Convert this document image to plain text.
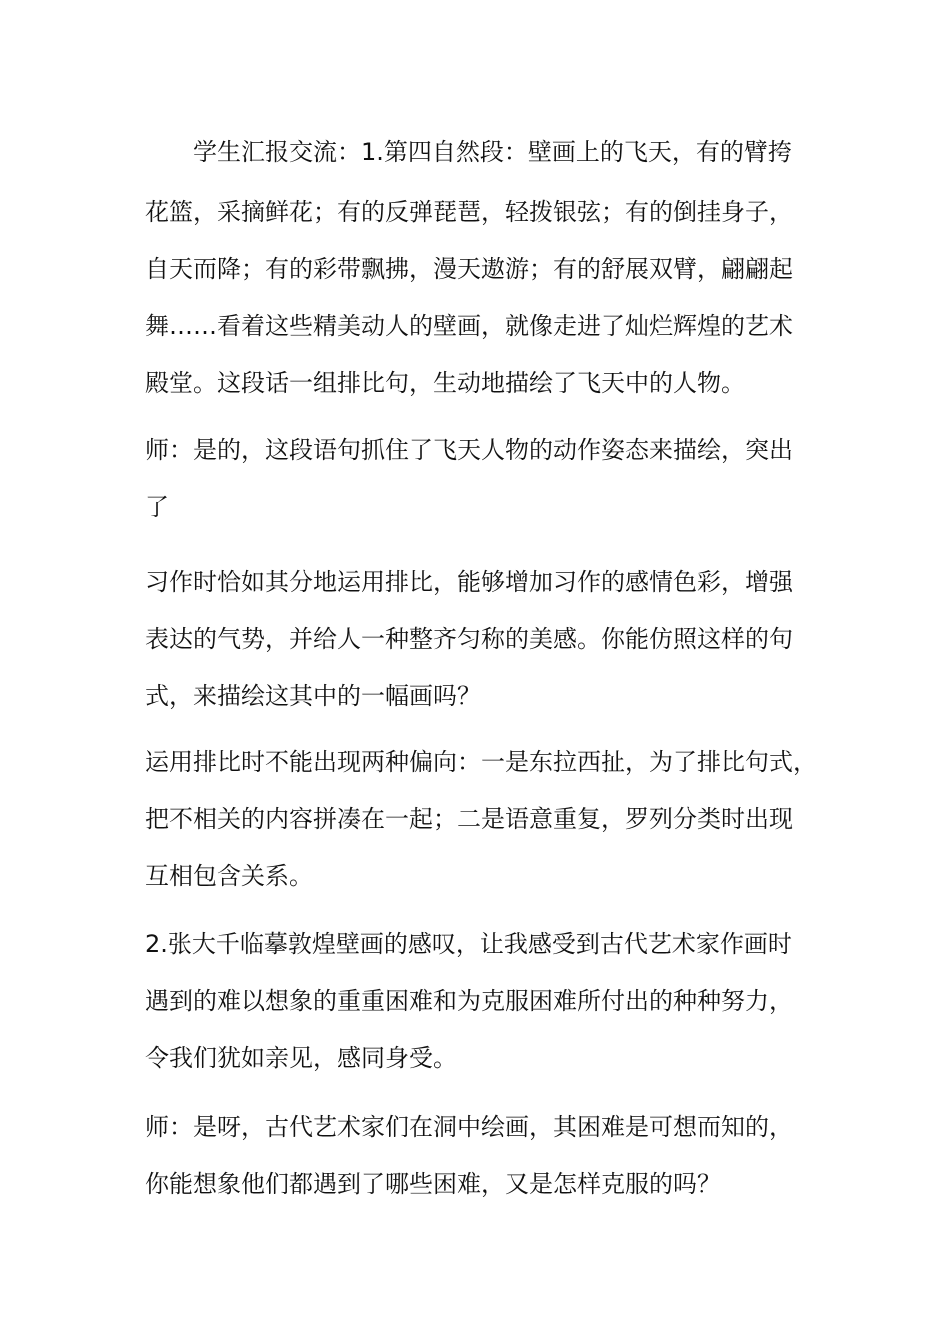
学生汇报交流：1.第四自然段：壁画上的飞天，有的臂挎
花篮，采摘鲜花；有的反弹琵琶，轻拨银弦；有的倒挂身子，
自天而降；有的彩带飘拂，漫天遨游；有的舒展双臂，翩翩起
舞……看着这些精美动人的壁画，就像走进了灿烂辉煌的艺术
殿堂。这段话一组排比句，生动地描绘了飞天中的人物。
师：是的，这段语句抓住了飞天人物的动作姿态来描绘，突出
了
习作时恰如其分地运用排比，能够增加习作的感情色彩，增强
表达的气势，并给人一种整齐匀称的美感。你能仿照这样的句
式，来描绘这其中的一幅画吗？
运用排比时不能出现两种偏向：一是东拉西扯，为了排比句式，
把不相关的内容拼凑在一起；二是语意重复，罗列分类时出现
互相包含关系。
2.张大千临摹敦煌壁画的感叹，让我感受到古代艺术家作画时
遇到的难以想象的重重困难和为克服困难所付出的种种努力，
令我们犹如亲见，感同身受。
师：是呀，古代艺术家们在洞中绘画，其困难是可想而知的，
你能想象他们都遇到了哪些困难，又是怎样克服的吗？
